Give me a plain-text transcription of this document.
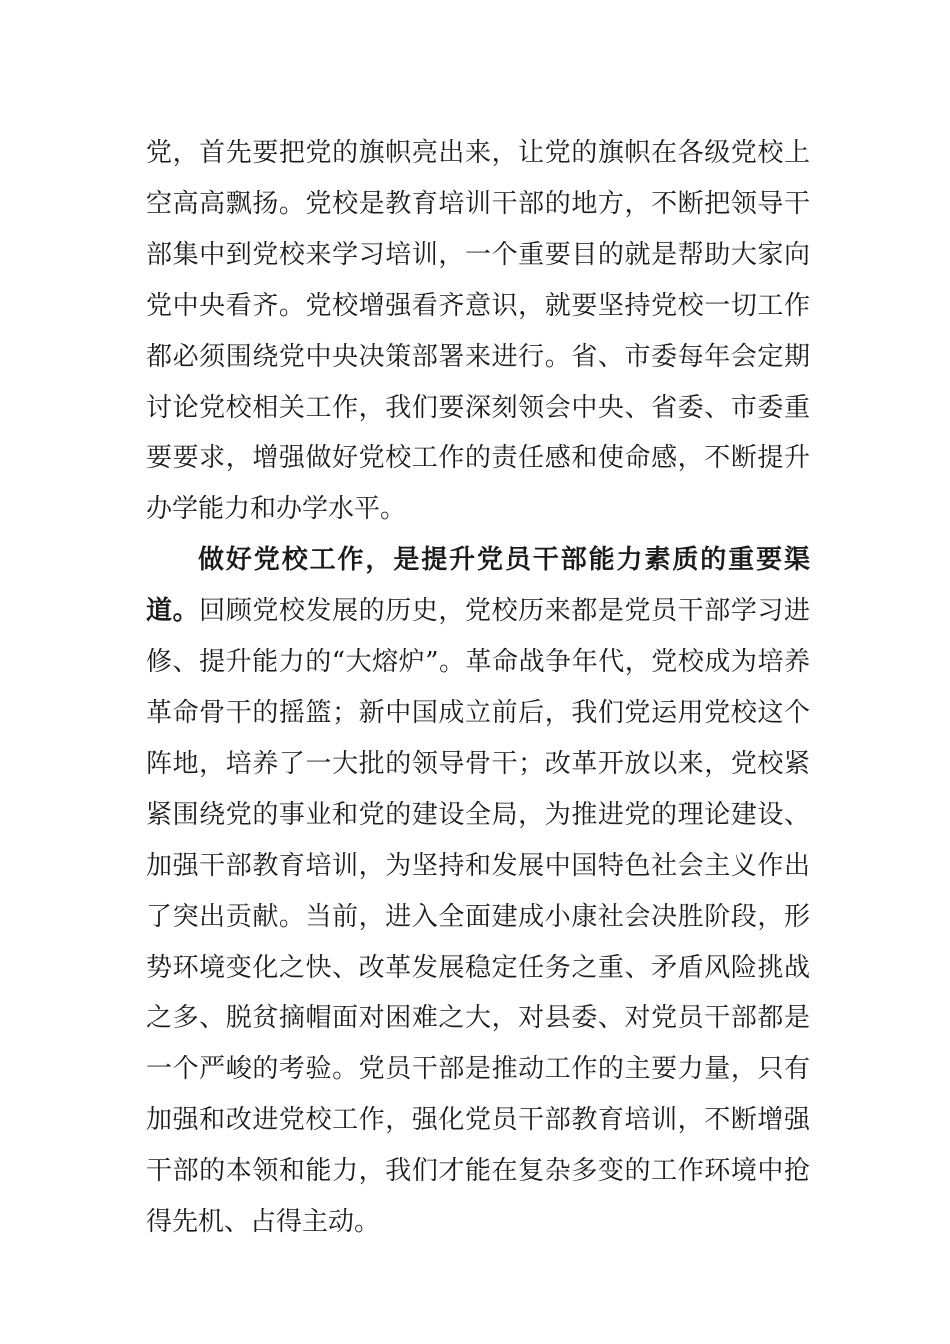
党，首先要把党的旗帜亮出来，让党的旗帜在各级党校上空高高飘扬。党校是教育培训干部的地方，不断把领导干部集中到党校来学习培训，一个重要目的就是帮助大家向党中央看齐。党校增强看齐意识，就要坚持党校一切工作都必须围绕党中央决策部署来进行。省、市委每年会定期讨论党校相关工作，我们要深刻领会中央、省委、市委重要要求，增强做好党校工作的责任感和使命感，不断提升办学能力和办学水平。

做好党校工作，是提升党员干部能力素质的重要渠道。回顾党校发展的历史，党校历来都是党员干部学习进修、提升能力的“大熔炉”。革命战争年代，党校成为培养革命骨干的摇篮；新中国成立前后，我们党运用党校这个阵地，培养了一大批的领导骨干；改革开放以来，党校紧紧围绕党的事业和党的建设全局，为推进党的理论建设、加强干部教育培训，为坚持和发展中国特色社会主义作出了突出贡献。当前，进入全面建成小康社会决胜阶段，形势环境变化之快、改革发展稳定任务之重、矛盾风险挑战之多、脱贫摘帽面对困难之大，对县委、对党员干部都是一个严峻的考验。党员干部是推动工作的主要力量，只有加强和改进党校工作，强化党员干部教育培训，不断增强干部的本领和能力，我们才能在复杂多变的工作环境中抢得先机、占得主动。
